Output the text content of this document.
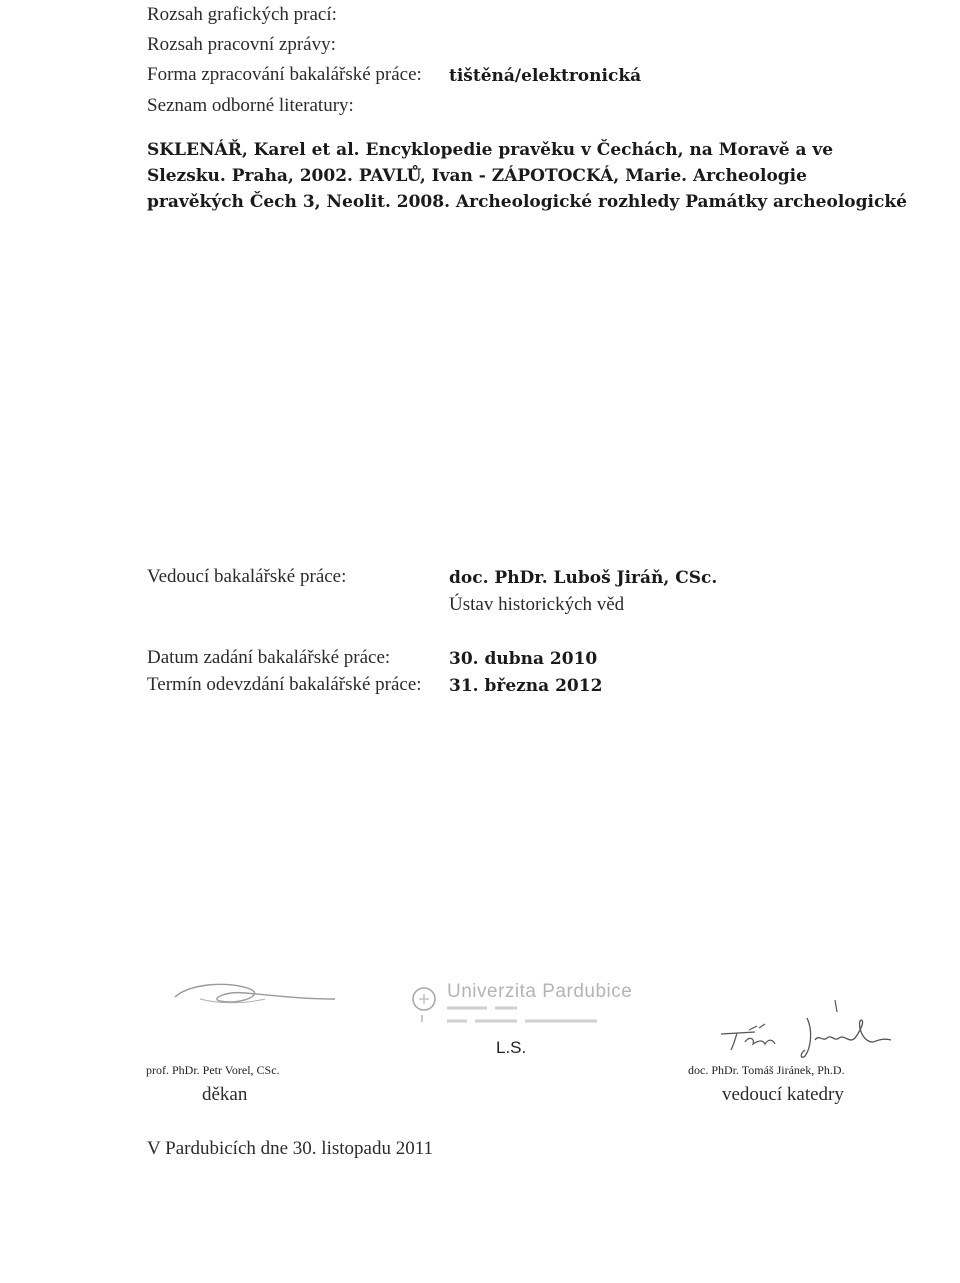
Rozsah grafických prací:
Rozsah pracovní zprávy:
Forma zpracování bakalářské práce: tištěná/elektronická
Seznam odborné literatury:
SKLENÁŘ, Karel et al. Encyklopedie pravěku v Čechách, na Moravě a ve Slezsku. Praha, 2002. PAVLŮ, Ivan - ZÁPOTOCKÁ, Marie. Archeologie pravěkých Čech 3, Neolit. 2008. Archeologické rozhledy Památky archeologické
Vedoucí bakalářské práce:	doc. PhDr. Luboš Jiráň, CSc.
Ústav historických věd
Datum zadání bakalářské práce:	30. dubna 2010
Termín odevzdání bakalářské práce: 31. března 2012
prof. PhDr. Petr Vorel, CSc.
děkan
Univerzita Pardubice
L.S.
doc. PhDr. Tomáš Jiránek, Ph.D.
vedoucí katedry
V Pardubicích dne 30. listopadu 2011
